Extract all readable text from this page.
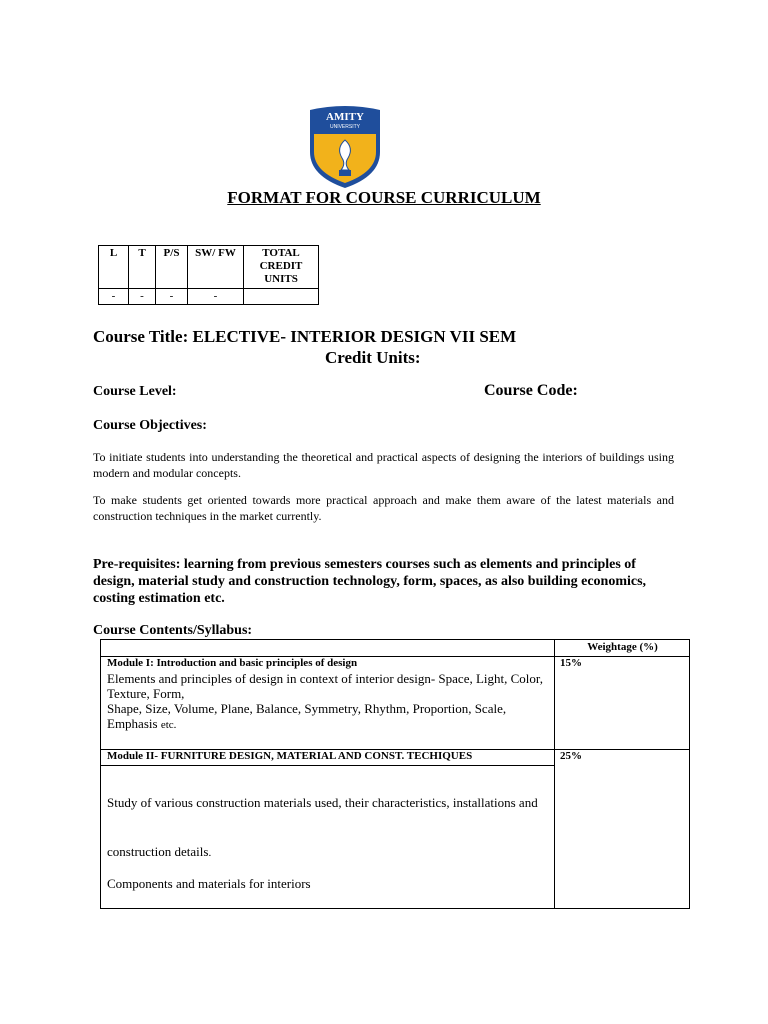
AMITY
UNIVERSITY
FORMAT FOR COURSE CURRICULUM
L	T	P/S	SW/ FW	TOTAL CREDIT UNITS
-	-	-	-	
Course Title: ELECTIVE- INTERIOR DESIGN VII SEM
Credit Units:
Course Level:	Course Code:
Course Objectives:
To initiate students into understanding the theoretical and practical aspects of designing the interiors of buildings using modern and modular concepts.
To make students get oriented towards more practical approach and make them aware of the latest materials and construction techniques in the market currently.
Pre-requisites: learning from previous semesters courses such as elements and principles of design, material study and construction technology, form, spaces, as also building economics, costing estimation etc.
Course Contents/Syllabus:
Weightage (%)
Module I: Introduction and basic principles of design	15%
Elements and principles of design in context of interior design- Space, Light, Color, Texture, Form,
Shape, Size, Volume, Plane, Balance, Symmetry, Rhythm, Proportion, Scale, Emphasis etc.
Module II- FURNITURE DESIGN, MATERIAL AND CONST. TECHIQUES	25%
Study of various construction materials used, their characteristics, installations and
construction details.
Components and materials for interiors
